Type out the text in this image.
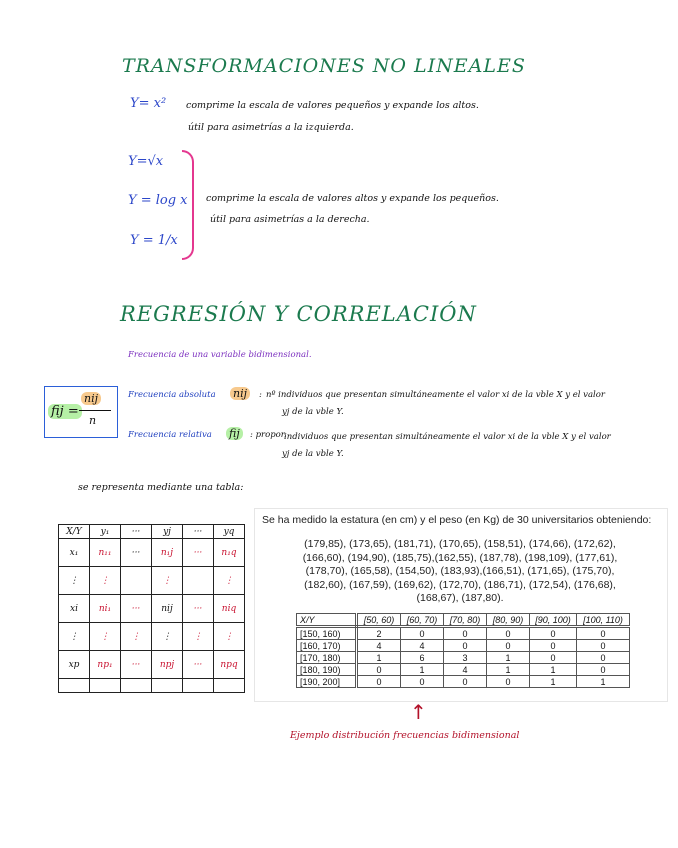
TRANSFORMACIONES NO LINEALES
Y= x² comprime la escala de valores pequeños y expande los altos.
útil para asimetrías a la izquierda.
Y=√x
Y = log x
Y = 1/x
comprime la escala de valores altos y expande los pequeños.
útil para asimetrías a la derecha.
REGRESIÓN Y CORRELACIÓN
Frecuencia de una variable bidimensional.
fij =
nij
n
Frecuencia absoluta nij	: nº individuos que presentan simultáneamente el valor xi de la vble X y el valor
yj de la vble Y.
Frecuencia relativa fij	: propor.
individuos que presentan simultáneamente el valor xi de la vble X y el valor
yj de la vble Y.
se representa mediante una tabla:
X/Y	y₁	···	yj	···	yq
x₁	n₁₁	···	n₁j	···	n₁q
⋮	⋮		⋮		⋮
xi	ni₁	···	nij	···	niq
⋮	⋮	⋮	⋮	⋮	⋮
xp	np₁	···	npj	···	npq

Se ha medido la estatura (en cm) y el peso (en Kg) de 30 universitarios obteniendo:
(179,85), (173,65), (181,71), (170,65), (158,51), (174,66), (172,62),
(166,60), (194,90), (185,75),(162,55), (187,78), (198,109), (177,61),
(178,70), (165,58), (154,50), (183,93),(166,51), (171,65), (175,70),
(182,60), (167,59), (169,62), (172,70), (186,71), (172,54), (176,68),
(168,67), (187,80).
X/Y	[50, 60)	[60, 70)	[70, 80)	[80, 90)	[90, 100)	[100, 110)
[150, 160)	2	0	0	0	0	0
[160, 170)	4	4	0	0	0	0
[170, 180)	1	6	3	1	0	0
[180, 190)	0	1	4	1	1	0
[190, 200]	0	0	0	0	1	1
↑
Ejemplo distribución frecuencias bidimensional
